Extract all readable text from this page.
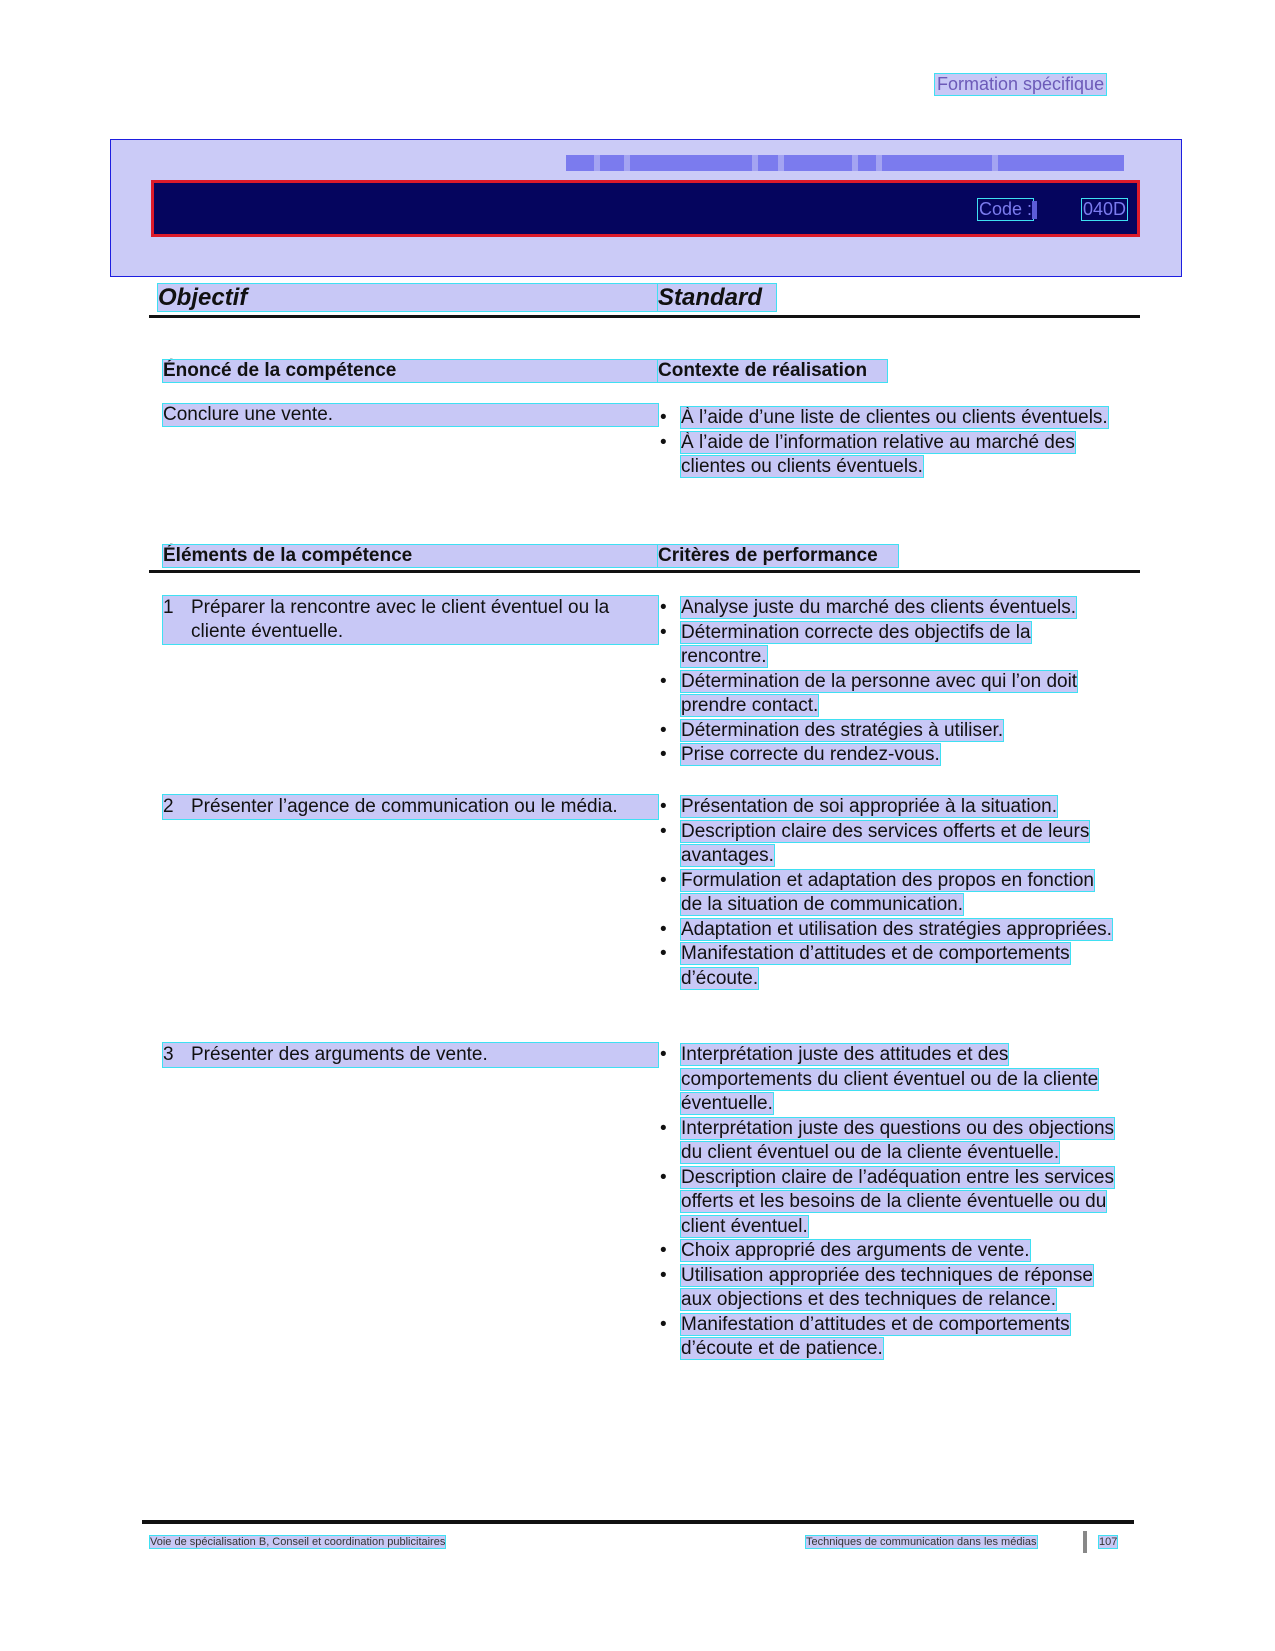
Formation spécifique
Code :	040D
Objectif	Standard
Énoncé de la compétence	Contexte de réalisation
Conclure une vente.	• À l’aide d’une liste de clientes ou clients éventuels.
• À l’aide de l’information relative au marché des clientes ou clients éventuels.
Éléments de la compétence	Critères de performance
1 Préparer la rencontre avec le client éventuel ou la cliente éventuelle.
• Analyse juste du marché des clients éventuels.
• Détermination correcte des objectifs de la rencontre.
• Détermination de la personne avec qui l’on doit prendre contact.
• Détermination des stratégies à utiliser.
• Prise correcte du rendez-vous.
2 Présenter l’agence de communication ou le média.	• Présentation de soi appropriée à la situation.
• Description claire des services offerts et de leurs avantages.
• Formulation et adaptation des propos en fonction de la situation de communication.
• Adaptation et utilisation des stratégies appropriées.
• Manifestation d’attitudes et de comportements d’écoute.
3 Présenter des arguments de vente.	• Interprétation juste des attitudes et des comportements du client éventuel ou de la cliente éventuelle.
• Interprétation juste des questions ou des objections du client éventuel ou de la cliente éventuelle.
• Description claire de l’adéquation entre les services offerts et les besoins de la cliente éventuelle ou du client éventuel.
• Choix approprié des arguments de vente.
• Utilisation appropriée des techniques de réponse aux objections et des techniques de relance.
• Manifestation d’attitudes et de comportements d’écoute et de patience.
Voie de spécialisation B, Conseil et coordination publicitaires	Techniques de communication dans les médias	107
